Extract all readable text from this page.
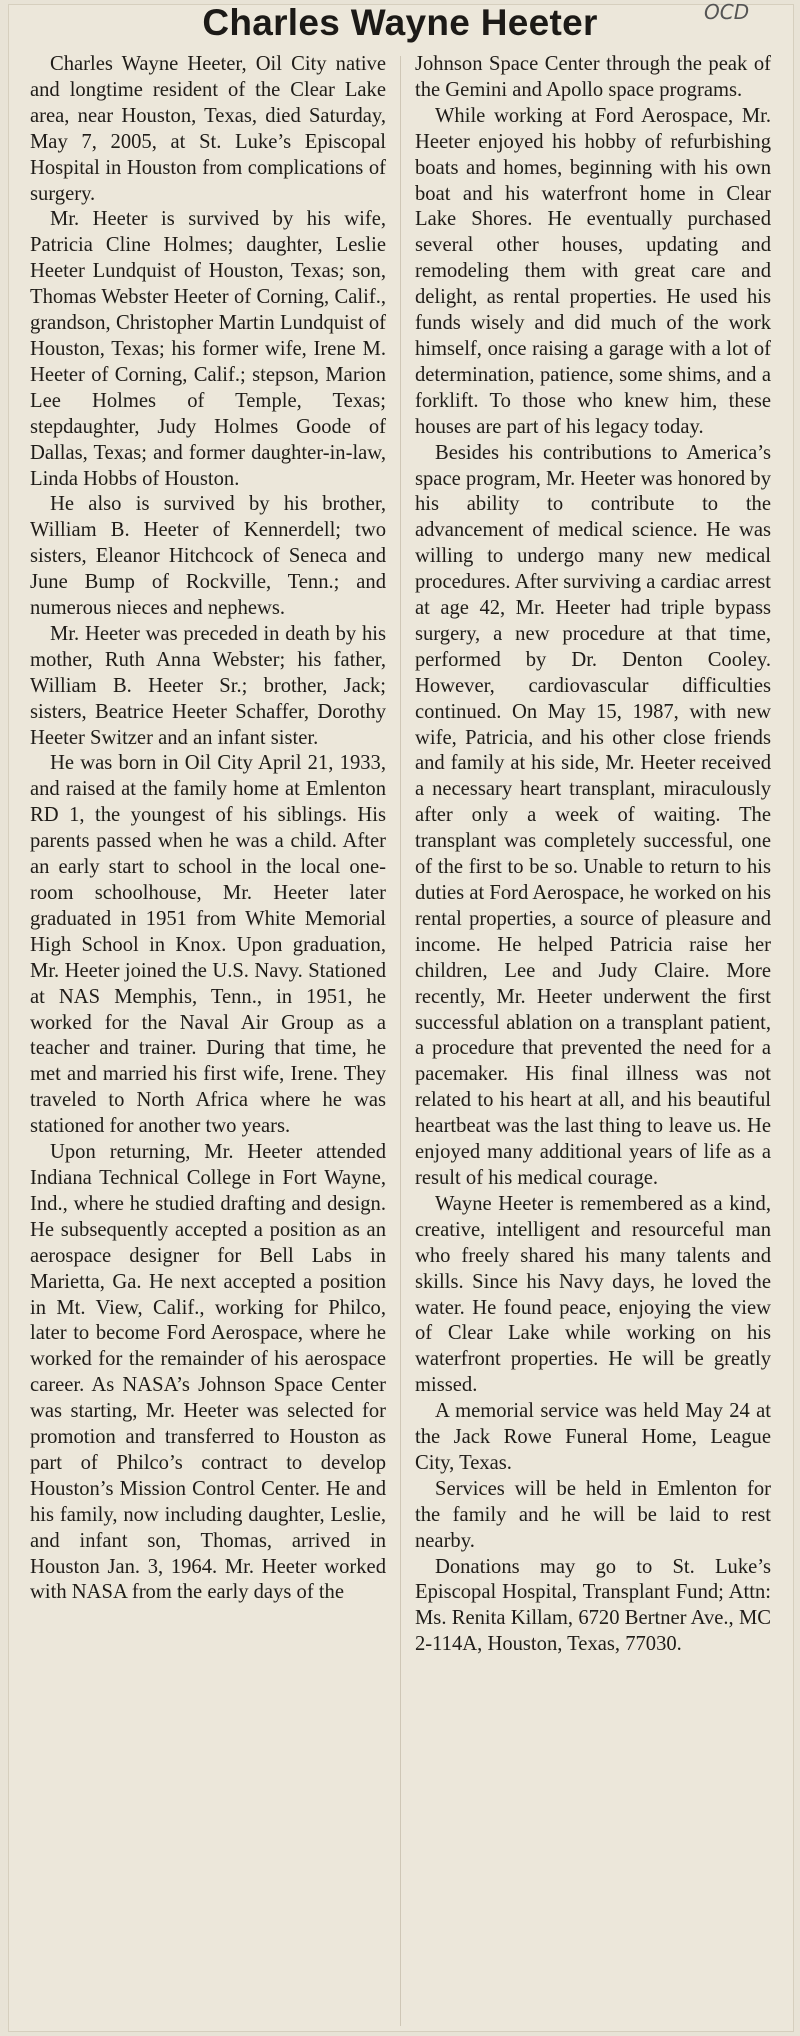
Charles Wayne Heeter	OCD

Charles Wayne Heeter, Oil City native and longtime resident of the Clear Lake area, near Houston, Texas, died Saturday, May 7, 2005, at St. Luke’s Episcopal Hospital in Houston from complications of surgery.

Mr. Heeter is survived by his wife, Patricia Cline Holmes; daughter, Leslie Heeter Lundquist of Houston, Texas; son, Thomas Webster Heeter of Corning, Calif., grandson, Christopher Martin Lundquist of Houston, Texas; his former wife, Irene M. Heeter of Corning, Calif.; stepson, Marion Lee Holmes of Temple, Texas; stepdaughter, Judy Holmes Goode of Dallas, Texas; and former daughter-in-law, Linda Hobbs of Houston.

He also is survived by his brother, William B. Heeter of Kennerdell; two sisters, Eleanor Hitchcock of Seneca and June Bump of Rockville, Tenn.; and numerous nieces and nephews.

Mr. Heeter was preceded in death by his mother, Ruth Anna Webster; his father, William B. Heeter Sr.; brother, Jack; sisters, Beatrice Heeter Schaffer, Dorothy Heeter Switzer and an infant sister.

He was born in Oil City April 21, 1933, and raised at the family home at Emlenton RD 1, the youngest of his siblings. His parents passed when he was a child. After an early start to school in the local one-room schoolhouse, Mr. Heeter later graduated in 1951 from White Memorial High School in Knox. Upon graduation, Mr. Heeter joined the U.S. Navy. Stationed at NAS Memphis, Tenn., in 1951, he worked for the Naval Air Group as a teacher and trainer. During that time, he met and married his first wife, Irene. They traveled to North Africa where he was stationed for another two years.

Upon returning, Mr. Heeter attended Indiana Technical College in Fort Wayne, Ind., where he studied drafting and design. He subsequently accepted a position as an aerospace designer for Bell Labs in Marietta, Ga. He next accepted a position in Mt. View, Calif., working for Philco, later to become Ford Aerospace, where he worked for the remainder of his aerospace career. As NASA’s Johnson Space Center was starting, Mr. Heeter was selected for promotion and transferred to Houston as part of Philco’s contract to develop Houston’s Mission Control Center. He and his family, now including daughter, Leslie, and infant son, Thomas, arrived in Houston Jan. 3, 1964. Mr. Heeter worked with NASA from the early days of the

Johnson Space Center through the peak of the Gemini and Apollo space programs.

While working at Ford Aerospace, Mr. Heeter enjoyed his hobby of refurbishing boats and homes, beginning with his own boat and his waterfront home in Clear Lake Shores. He eventually purchased several other houses, updating and remodeling them with great care and delight, as rental properties. He used his funds wisely and did much of the work himself, once raising a garage with a lot of determination, patience, some shims, and a forklift. To those who knew him, these houses are part of his legacy today.

Besides his contributions to America’s space program, Mr. Heeter was honored by his ability to contribute to the advancement of medical science. He was willing to undergo many new medical procedures. After surviving a cardiac arrest at age 42, Mr. Heeter had triple bypass surgery, a new procedure at that time, performed by Dr. Denton Cooley. However, cardiovascular difficulties continued. On May 15, 1987, with new wife, Patricia, and his other close friends and family at his side, Mr. Heeter received a necessary heart transplant, miraculously after only a week of waiting. The transplant was completely successful, one of the first to be so. Unable to return to his duties at Ford Aerospace, he worked on his rental properties, a source of pleasure and income. He helped Patricia raise her children, Lee and Judy Claire. More recently, Mr. Heeter underwent the first successful ablation on a transplant patient, a procedure that prevented the need for a pacemaker. His final illness was not related to his heart at all, and his beautiful heartbeat was the last thing to leave us. He enjoyed many additional years of life as a result of his medical courage.

Wayne Heeter is remembered as a kind, creative, intelligent and resourceful man who freely shared his many talents and skills. Since his Navy days, he loved the water. He found peace, enjoying the view of Clear Lake while working on his waterfront properties. He will be greatly missed.

A memorial service was held May 24 at the Jack Rowe Funeral Home, League City, Texas.

Services will be held in Emlenton for the family and he will be laid to rest nearby.

Donations may go to St. Luke’s Episcopal Hospital, Transplant Fund; Attn: Ms. Renita Killam, 6720 Bertner Ave., MC 2-114A, Houston, Texas, 77030.
